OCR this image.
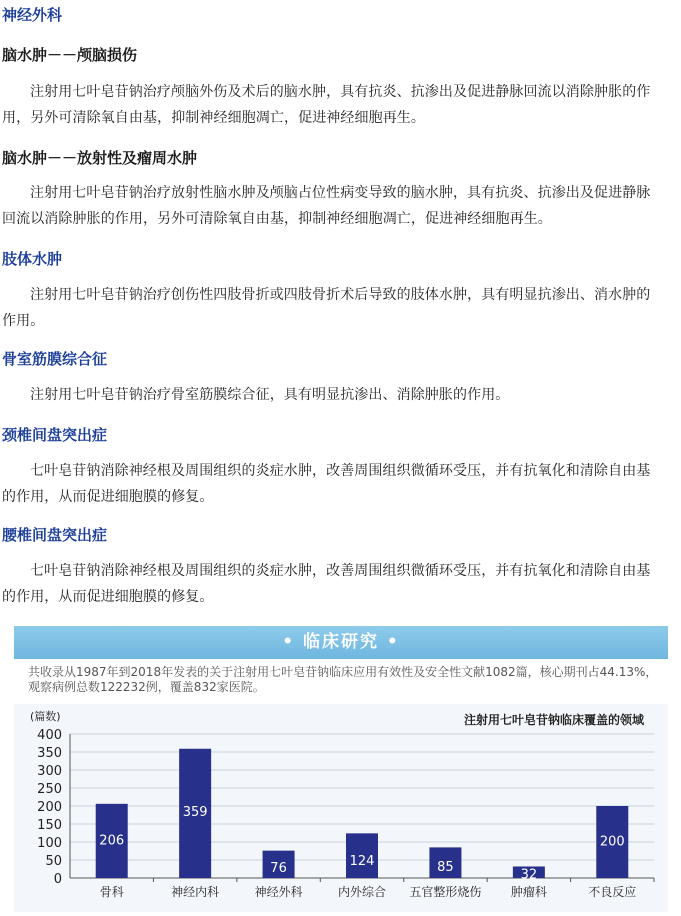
神经外科
脑水肿－－颅脑损伤
注射用七叶皂苷钠治疗颅脑外伤及术后的脑水肿，具有抗炎、抗渗出及促进静脉回流以消除肿胀的作
用，另外可清除氧自由基，抑制神经细胞凋亡，促进神经细胞再生。
脑水肿－－放射性及瘤周水肿
注射用七叶皂苷钠治疗放射性脑水肿及颅脑占位性病变导致的脑水肿，具有抗炎、抗渗出及促进静脉
回流以消除肿胀的作用，另外可清除氧自由基，抑制神经细胞凋亡，促进神经细胞再生。
肢体水肿
注射用七叶皂苷钠治疗创伤性四肢骨折或四肢骨折术后导致的肢体水肿，具有明显抗渗出、消水肿的
作用。
骨室筋膜综合征
注射用七叶皂苷钠治疗骨室筋膜综合征，具有明显抗渗出、消除肿胀的作用。
颈椎间盘突出症
七叶皂苷钠消除神经根及周围组织的炎症水肿，改善周围组织微循环受压，并有抗氧化和清除自由基
的作用，从而促进细胞膜的修复。
腰椎间盘突出症
七叶皂苷钠消除神经根及周围组织的炎症水肿，改善周围组织微循环受压，并有抗氧化和清除自由基
的作用，从而促进细胞膜的修复。
• 临床研究 •
共收录从1987年到2018年发表的关于注射用七叶皂苷钠临床应用有效性及安全性文献1082篇，核心期刊占44.13%，观察病例总数122232例，覆盖832家医院。
0
50
100
150
200
250
300
350
400
(篇数)	注射用七叶皂苷钠临床覆盖的领域
206
骨科
359
神经内科
76
神经外科
124
内外综合
85
五官整形烧伤
32
肿瘤科
200
不良反应
